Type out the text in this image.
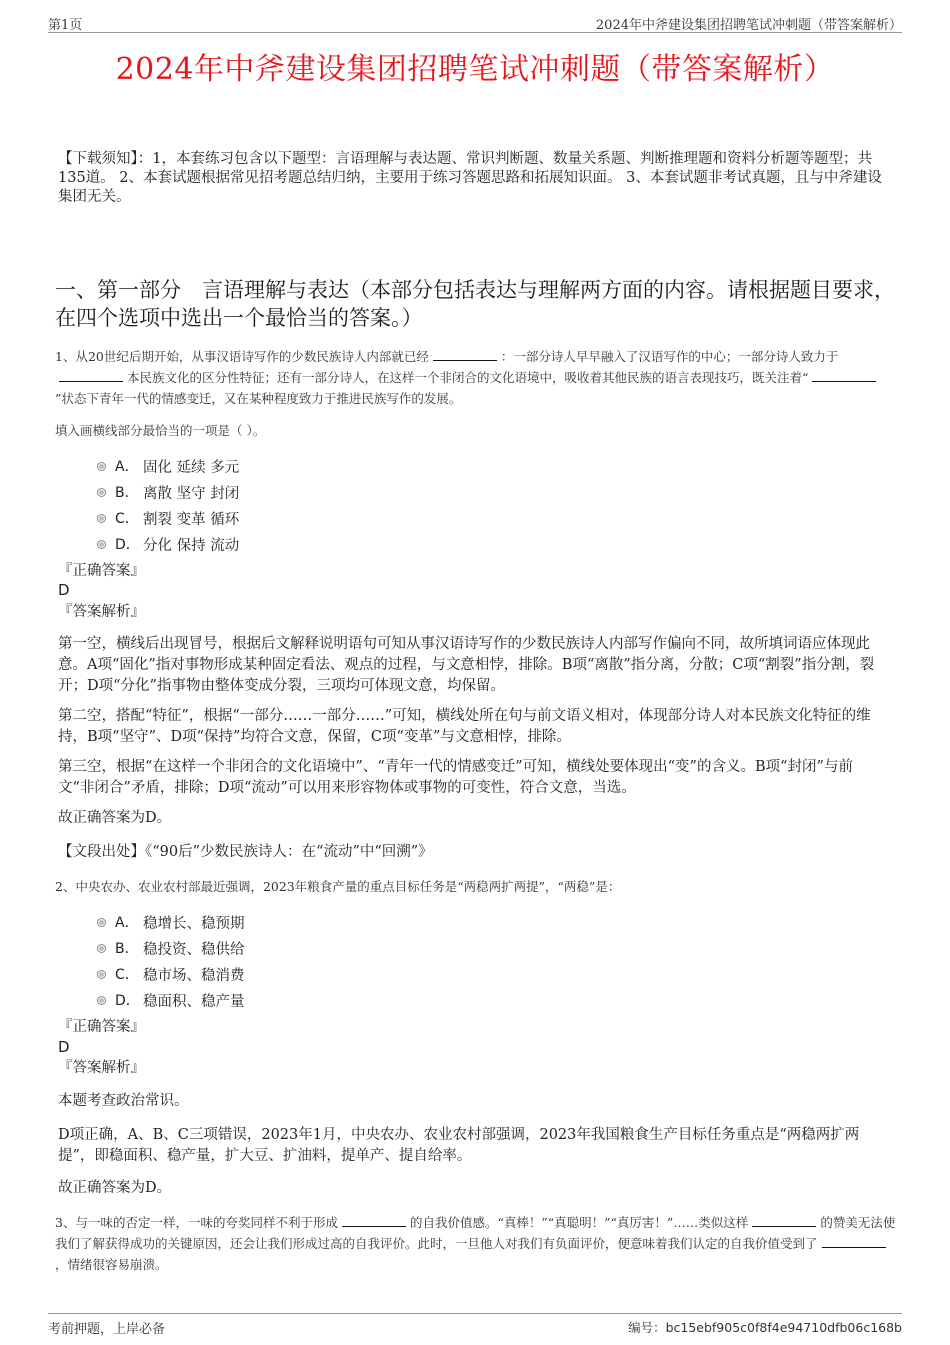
第1页	2024年中斧建设集团招聘笔试冲刺题（带答案解析）
2024年中斧建设集团招聘笔试冲刺题（带答案解析）
【下载须知】：1，本套练习包含以下题型：言语理解与表达题、常识判断题、数量关系题、判断推理题和资料分析题等题型；共135道。 2、本套试题根据常见招考题总结归纳，主要用于练习答题思路和拓展知识面。 3、本套试题非考试真题，且与中斧建设集团无关。
一、第一部分　言语理解与表达（本部分包括表达与理解两方面的内容。请根据题目要求，在四个选项中选出一个最恰当的答案。）
1、从20世纪后期开始，从事汉语诗写作的少数民族诗人内部就已经	：一部分诗人早早融入了汉语写作的中心；一部分诗人致力于本民族文化的区分性特征；还有一部分诗人，在这样一个非闭合的文化语境中，吸收着其他民族的语言表现技巧，既关注着“”状态下青年一代的情感变迁，又在某种程度致力于推进民族写作的发展。
填入画横线部分最恰当的一项是（ ）。
A． 固化 延续 多元
B． 离散 坚守 封闭
C． 割裂 变革 循环
D． 分化 保持 流动
『正确答案』
D
『答案解析』
第一空，横线后出现冒号，根据后文解释说明语句可知从事汉语诗写作的少数民族诗人内部写作偏向不同，故所填词语应体现此意。A项“固化”指对事物形成某种固定看法、观点的过程，与文意相悖，排除。B项“离散”指分离，分散；C项“割裂”指分割，裂开；D项“分化”指事物由整体变成分裂，三项均可体现文意，均保留。
第二空，搭配“特征”，根据“一部分……一部分……”可知，横线处所在句与前文语义相对，体现部分诗人对本民族文化特征的维持，B项“坚守”、D项“保持”均符合文意，保留，C项“变革”与文意相悖，排除。
第三空，根据“在这样一个非闭合的文化语境中”、“青年一代的情感变迁”可知，横线处要体现出“变”的含义。B项“封闭”与前文“非闭合”矛盾，排除；D项“流动”可以用来形容物体或事物的可变性，符合文意，当选。
故正确答案为D。
【文段出处】《“90后”少数民族诗人：在“流动”中“回溯”》
2、中央农办、农业农村部最近强调，2023年粮食产量的重点目标任务是“两稳两扩两提”，“两稳”是：
A． 稳增长、稳预期
B． 稳投资、稳供给
C． 稳市场、稳消费
D． 稳面积、稳产量
『正确答案』
D
『答案解析』
本题考查政治常识。
D项正确，A、B、C三项错误，2023年1月，中央农办、农业农村部强调，2023年我国粮食生产目标任务重点是“两稳两扩两提”，即稳面积、稳产量，扩大豆、扩油料，提单产、提自给率。
故正确答案为D。
3、与一味的否定一样，一味的夸奖同样不利于形成	的自我价值感。“真棒！”“真聪明！”“真厉害！”……类似这样	的赞美无法使我们了解获得成功的关键原因，还会让我们形成过高的自我评价。此时，一旦他人对我们有负面评价，便意味着我们认定的自我价值受到了，情绪很容易崩溃。
考前押题，上岸必备	编号：bc15ebf905c0f8f4e94710dfb06c168b
